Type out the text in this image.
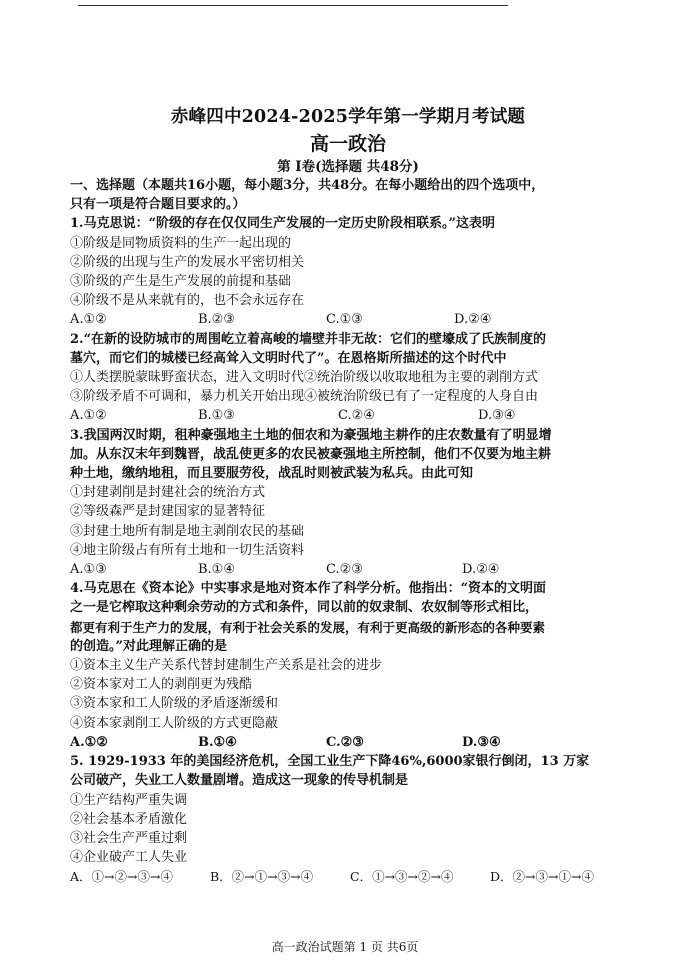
赤峰四中2024-2025学年第一学期月考试题
高一政治
第 Ⅰ卷(选择题 共48分)
一、选择题（本题共16小题，每小题3分，共48分。在每小题给出的四个选项中，
只有一项是符合题目要求的。）
1.马克思说：“阶级的存在仅仅同生产发展的一定历史阶段相联系。”这表明
①阶级是同物质资料的生产一起出现的
②阶级的出现与生产的发展水平密切相关
③阶级的产生是生产发展的前提和基础
④阶级不是从来就有的，也不会永远存在
A.①②	B.②③	C.①③	D.②④
2.“在新的设防城市的周围屹立着高峻的墙壁并非无故：它们的壁壕成了氏族制度的
墓穴，而它们的城楼已经高耸入文明时代了”。在恩格斯所描述的这个时代中
①人类摆脱蒙昧野蛮状态，进入文明时代②统治阶级以收取地租为主要的剥削方式
③阶级矛盾不可调和，暴力机关开始出现④被统治阶级已有了一定程度的人身自由
A.①②	B.①③	C.②④	D.③④
3.我国两汉时期，租种豪强地主土地的佃农和为豪强地主耕作的庄农数量有了明显增
加。从东汉末年到魏晋，战乱使更多的农民被豪强地主所控制，他们不仅要为地主耕
种土地，缴纳地租，而且要服劳役，战乱时则被武装为私兵。由此可知
①封建剥削是封建社会的统治方式
②等级森严是封建国家的显著特征
③封建土地所有制是地主剥削农民的基础
④地主阶级占有所有土地和一切生活资料
A.①③	B.①④	C.②③	D.②④
4.马克思在《资本论》中实事求是地对资本作了科学分析。他指出：“资本的文明面
之一是它榨取这种剩余劳动的方式和条件，同以前的奴隶制、农奴制等形式相比，
都更有利于生产力的发展，有利于社会关系的发展，有利于更高级的新形态的各种要素
的创造。”对此理解正确的是
①资本主义生产关系代替封建制生产关系是社会的进步
②资本家对工人的剥削更为残酷
③资本家和工人阶级的矛盾逐渐缓和
④资本家剥削工人阶级的方式更隐蔽
A.①②	B.①④	C.②③	D.③④
5. 1929-1933 年的美国经济危机，全国工业生产下降46%,6000家银行倒闭，13 万家
公司破产，失业工人数量剧增。造成这一现象的传导机制是
①生产结构严重失调
②社会基本矛盾激化
③社会生产严重过剩
④企业破产工人失业
A．①→②→③→④	B．②→①→③→④	C．①→③→②→④	D．②→③→①→④
高一政治试题第 1 页 共6页
